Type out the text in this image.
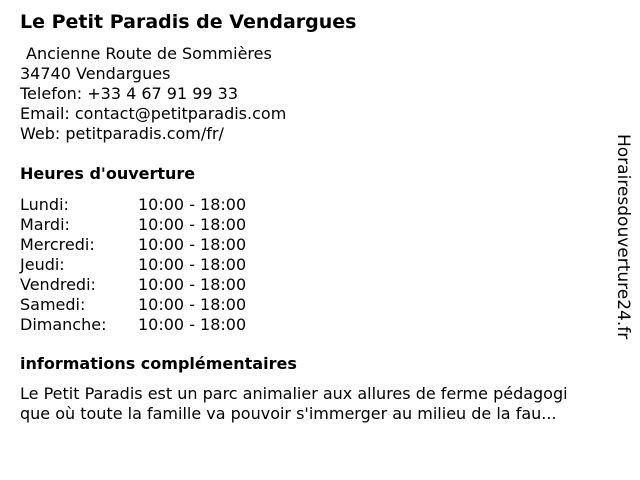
Le Petit Paradis de Vendargues
Ancienne Route de Sommières
34740 Vendargues
Telefon: +33 4 67 91 99 33
Email: contact@petitparadis.com
Web: petitparadis.com/fr/
Heures d'ouverture
Lundi:	10:00 - 18:00
Mardi:	10:00 - 18:00
Mercredi:	10:00 - 18:00
Jeudi:	10:00 - 18:00
Vendredi:	10:00 - 18:00
Samedi:	10:00 - 18:00
Dimanche:	10:00 - 18:00
informations complémentaires
Le Petit Paradis est un parc animalier aux allures de ferme pédagogi
que où toute la famille va pouvoir s'immerger au milieu de la fau...
Horairesdouverture24.fr
